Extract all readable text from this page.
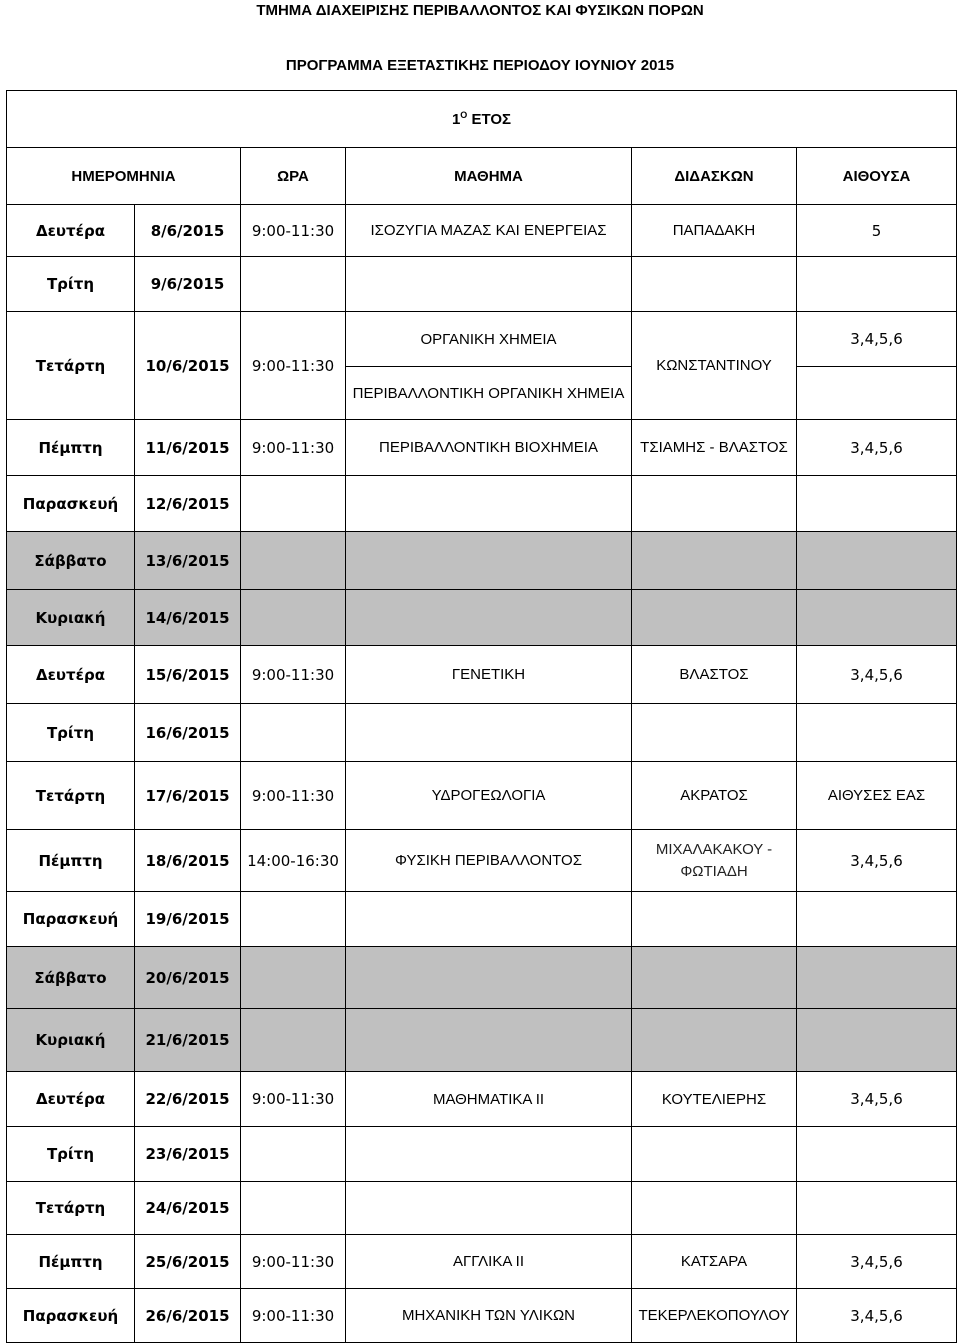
ΤΜΗΜΑ ΔΙΑΧΕΙΡΙΣΗΣ ΠΕΡΙΒΑΛΛΟΝΤΟΣ ΚΑΙ ΦΥΣΙΚΩΝ ΠΟΡΩΝ
ΠΡΟΓΡΑΜΜΑ ΕΞΕΤΑΣΤΙΚΗΣ ΠΕΡΙΟΔΟΥ ΙΟΥΝΙΟΥ 2015
$1^O$ ΕΤΟΣ					
ΗΜΕΡΟΜΗΝΙΑ		ΩΡΑ	ΜΑΘΗΜΑ	ΔΙΔΑΣΚΩΝ	ΑΙΘΟΥΣΑ
Δευτέρα	8/6/2015	9:00-11:30	ΙΣΟΖΥΓΙΑ ΜΑΖΑΣ ΚΑΙ ΕΝΕΡΓΕΙΑΣ	ΠΑΠΑΔΑΚΗ	5
Τρίτη	9/6/2015				
Τετάρτη	10/6/2015	9:00-11:30	ΟΡΓΑΝΙΚΗ ΧΗΜΕΙΑ	ΚΩΝΣΤΑΝΤΙΝΟΥ	3,4,5,6
			ΠΕΡΙΒΑΛΛΟΝΤΙΚΗ ΟΡΓΑΝΙΚΗ ΧΗΜΕΙΑ		
Πέμπτη	11/6/2015	9:00-11:30	ΠΕΡΙΒΑΛΛΟΝΤΙΚΗ ΒΙΟΧΗΜΕΙΑ	ΤΣΙΑΜΗΣ - ΒΛΑΣΤΟΣ	3,4,5,6
Παρασκευή	12/6/2015				
Σάββατο	13/6/2015				
Κυριακή	14/6/2015				
Δευτέρα	15/6/2015	9:00-11:30	ΓΕΝΕΤΙΚΗ	ΒΛΑΣΤΟΣ	3,4,5,6
Τρίτη	16/6/2015				
Τετάρτη	17/6/2015	9:00-11:30	ΥΔΡΟΓΕΩΛΟΓΙΑ	ΑΚΡΑΤΟΣ	ΑΙΘΥΣΕΣ ΕΑΣ
Πέμπτη	18/6/2015	14:00-16:30	ΦΥΣΙΚΗ ΠΕΡΙΒΑΛΛΟΝΤΟΣ	ΜΙΧΑΛΑΚΑΚΟΥ - ΦΩΤΙΑΔΗ	3,4,5,6
Παρασκευή	19/6/2015				
Σάββατο	20/6/2015				
Κυριακή	21/6/2015				
Δευτέρα	22/6/2015	9:00-11:30	ΜΑΘΗΜΑΤΙΚΑ ΙΙ	ΚΟΥΤΕΛΙΕΡΗΣ	3,4,5,6
Τρίτη	23/6/2015				
Τετάρτη	24/6/2015				
Πέμπτη	25/6/2015	9:00-11:30	ΑΓΓΛΙΚΑ ΙΙ	ΚΑΤΣΑΡΑ	3,4,5,6
Παρασκευή	26/6/2015	9:00-11:30	ΜΗΧΑΝΙΚΗ ΤΩΝ ΥΛΙΚΩΝ	ΤΕΚΕΡΛΕΚΟΠΟΥΛΟΥ	3,4,5,6
